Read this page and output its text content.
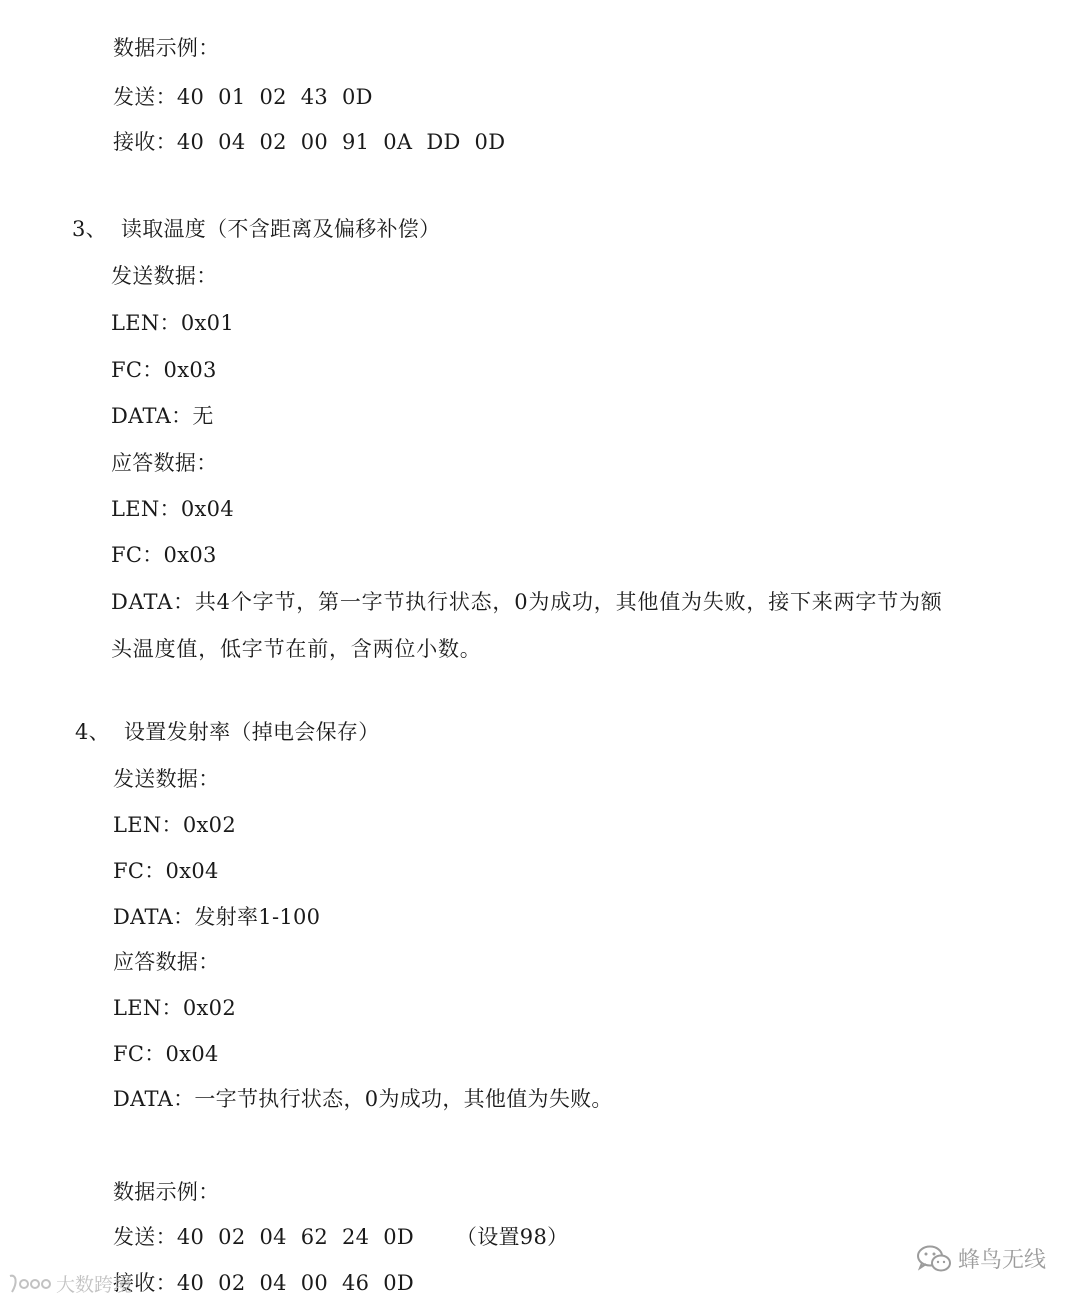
数据示例：
发送：40  01  02  43  0D
接收：40  04  02  00  91  0A  DD  0D
3、  读取温度（不含距离及偏移补偿）
发送数据：
LEN：0x01
FC：0x03
DATA：无
应答数据：
LEN：0x04
FC：0x03
DATA：共4个字节，第一字节执行状态，0为成功，其他值为失败，接下来两字节为额
头温度值，低字节在前，含两位小数。
4、  设置发射率（掉电会保存）
发送数据：
LEN：0x02
FC：0x04
DATA：发射率1-100
应答数据：
LEN：0x02
FC：0x04
DATA：一字节执行状态，0为成功，其他值为失败。
数据示例：
发送：40  02  04  62  24  0D      （设置98）
接收：40  02  04  00  46  0D
蜂鸟无线
大数跨境
